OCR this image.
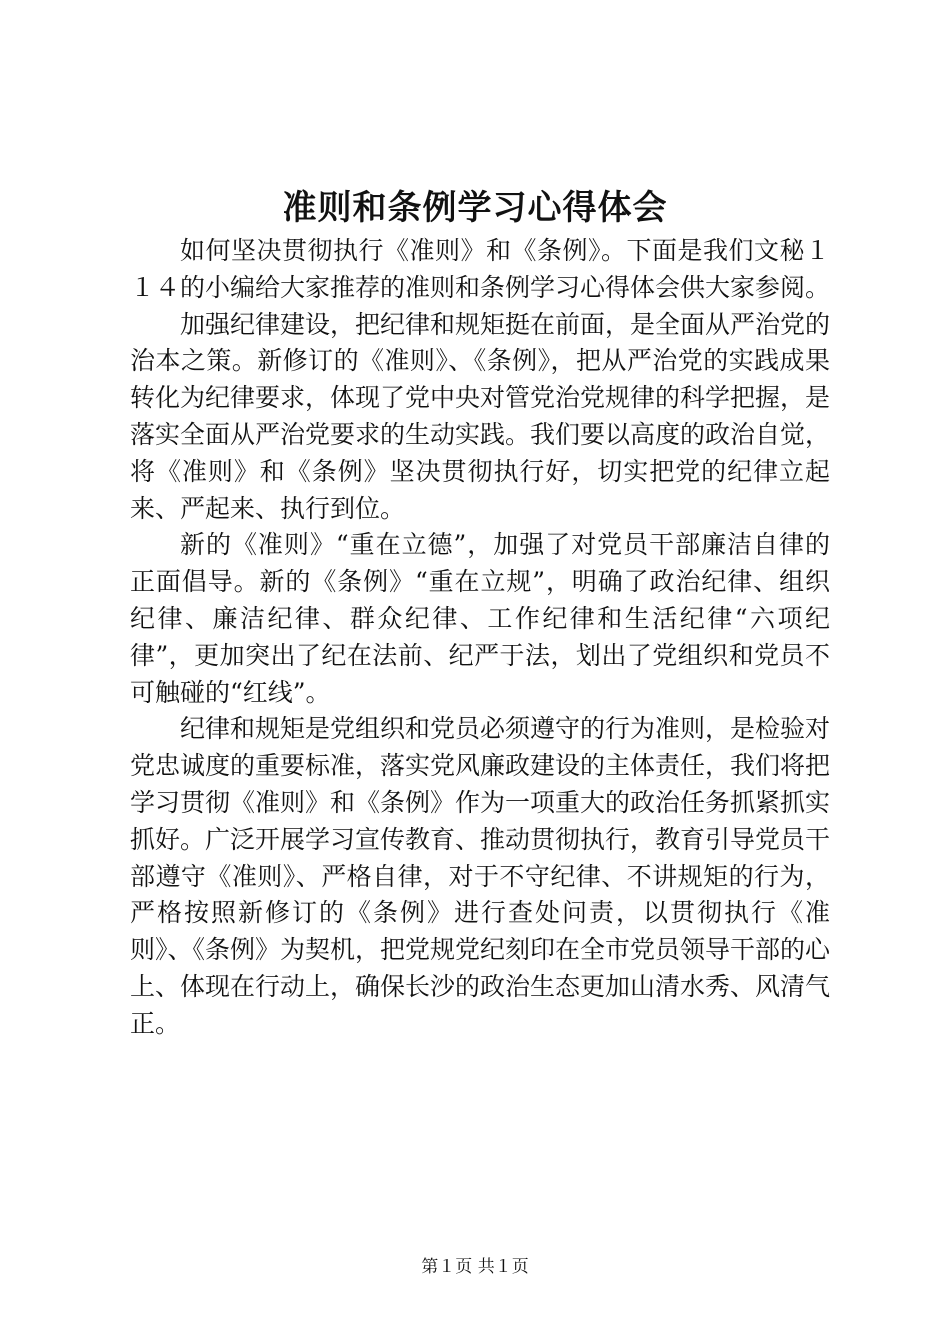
准则和条例学习心得体会

如何坚决贯彻执行《准则》和《条例》。下面是我们文秘１１４的小编给大家推荐的准则和条例学习心得体会供大家参阅。

加强纪律建设，把纪律和规矩挺在前面，是全面从严治党的治本之策。新修订的《准则》、《条例》，把从严治党的实践成果转化为纪律要求，体现了党中央对管党治党规律的科学把握，是落实全面从严治党要求的生动实践。我们要以高度的政治自觉，将《准则》和《条例》坚决贯彻执行好，切实把党的纪律立起来、严起来、执行到位。

新的《准则》“重在立德”，加强了对党员干部廉洁自律的正面倡导。新的《条例》“重在立规”，明确了政治纪律、组织纪律、廉洁纪律、群众纪律、工作纪律和生活纪律“六项纪律”，更加突出了纪在法前、纪严于法，划出了党组织和党员不可触碰的“红线”。

纪律和规矩是党组织和党员必须遵守的行为准则，是检验对党忠诚度的重要标准，落实党风廉政建设的主体责任，我们将把学习贯彻《准则》和《条例》作为一项重大的政治任务抓紧抓实抓好。广泛开展学习宣传教育、推动贯彻执行，教育引导党员干部遵守《准则》、严格自律，对于不守纪律、不讲规矩的行为，严格按照新修订的《条例》进行查处问责，以贯彻执行《准则》、《条例》为契机，把党规党纪刻印在全市党员领导干部的心上、体现在行动上，确保长沙的政治生态更加山清水秀、风清气正。

第１页 共１页
